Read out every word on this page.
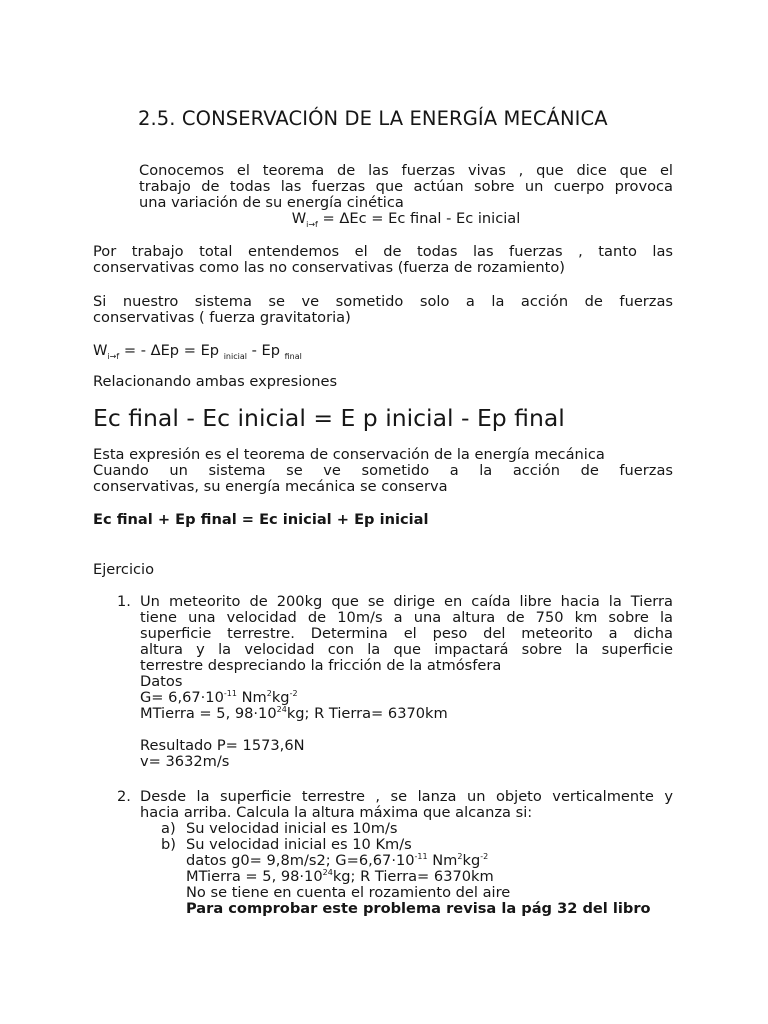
2.5. CONSERVACIÓN DE LA ENERGÍA MECÁNICA
Conocemos el teorema de las fuerzas vivas , que dice que el
trabajo de todas las fuerzas que actúan sobre un cuerpo provoca
una variación de su energía cinética
$W_{i\to f} = \Delta Ec = Ec$ final - Ec inicial
Por trabajo total entendemos el de todas las fuerzas , tanto las
conservativas como las no conservativas (fuerza de rozamiento)
Si nuestro sistema se ve sometido solo a la acción de fuerzas
conservativas ( fuerza gravitatoria)
$W_{i\to f}$ = - ΔEp = Ep $_{inicial}$ - Ep $_{final}$
Relacionando ambas expresiones
Ec final - Ec inicial = E p inicial - Ep final
Esta expresión es el teorema de conservación de la energía mecánica
Cuando un sistema se ve sometido a la acción de fuerzas
conservativas, su energía mecánica se conserva
Ec final + Ep final = Ec inicial + Ep inicial
Ejercicio
1. Un meteorito de 200kg que se dirige en caída libre hacia la Tierra
tiene una velocidad de 10m/s a una altura de 750 km sobre la
superficie terrestre. Determina el peso del meteorito a dicha
altura y la velocidad con la que impactará sobre la superficie
terrestre despreciando la fricción de la atmósfera
Datos
$G= 6,67\cdot 10^{-11}$ $Nm^2kg^{-2}$
MTierra = 5, $98\cdot 10^{24}kg$; R Tierra= 6370km
Resultado P= 1573,6N
v= 3632m/s
2. Desde la superficie terrestre , se lanza un objeto verticalmente y
hacia arriba. Calcula la altura máxima que alcanza si:
a) Su velocidad inicial es 10m/s
b) Su velocidad inicial es 10 Km/s
datos g0= 9,8m/s2; $G=6,67\cdot 10^{-11}$ $Nm^2kg^{-2}$
MTierra = 5, $98\cdot 10^{24}kg$; R Tierra= 6370km
No se tiene en cuenta el rozamiento del aire
Para comprobar este problema revisa la pág 32 del libro
